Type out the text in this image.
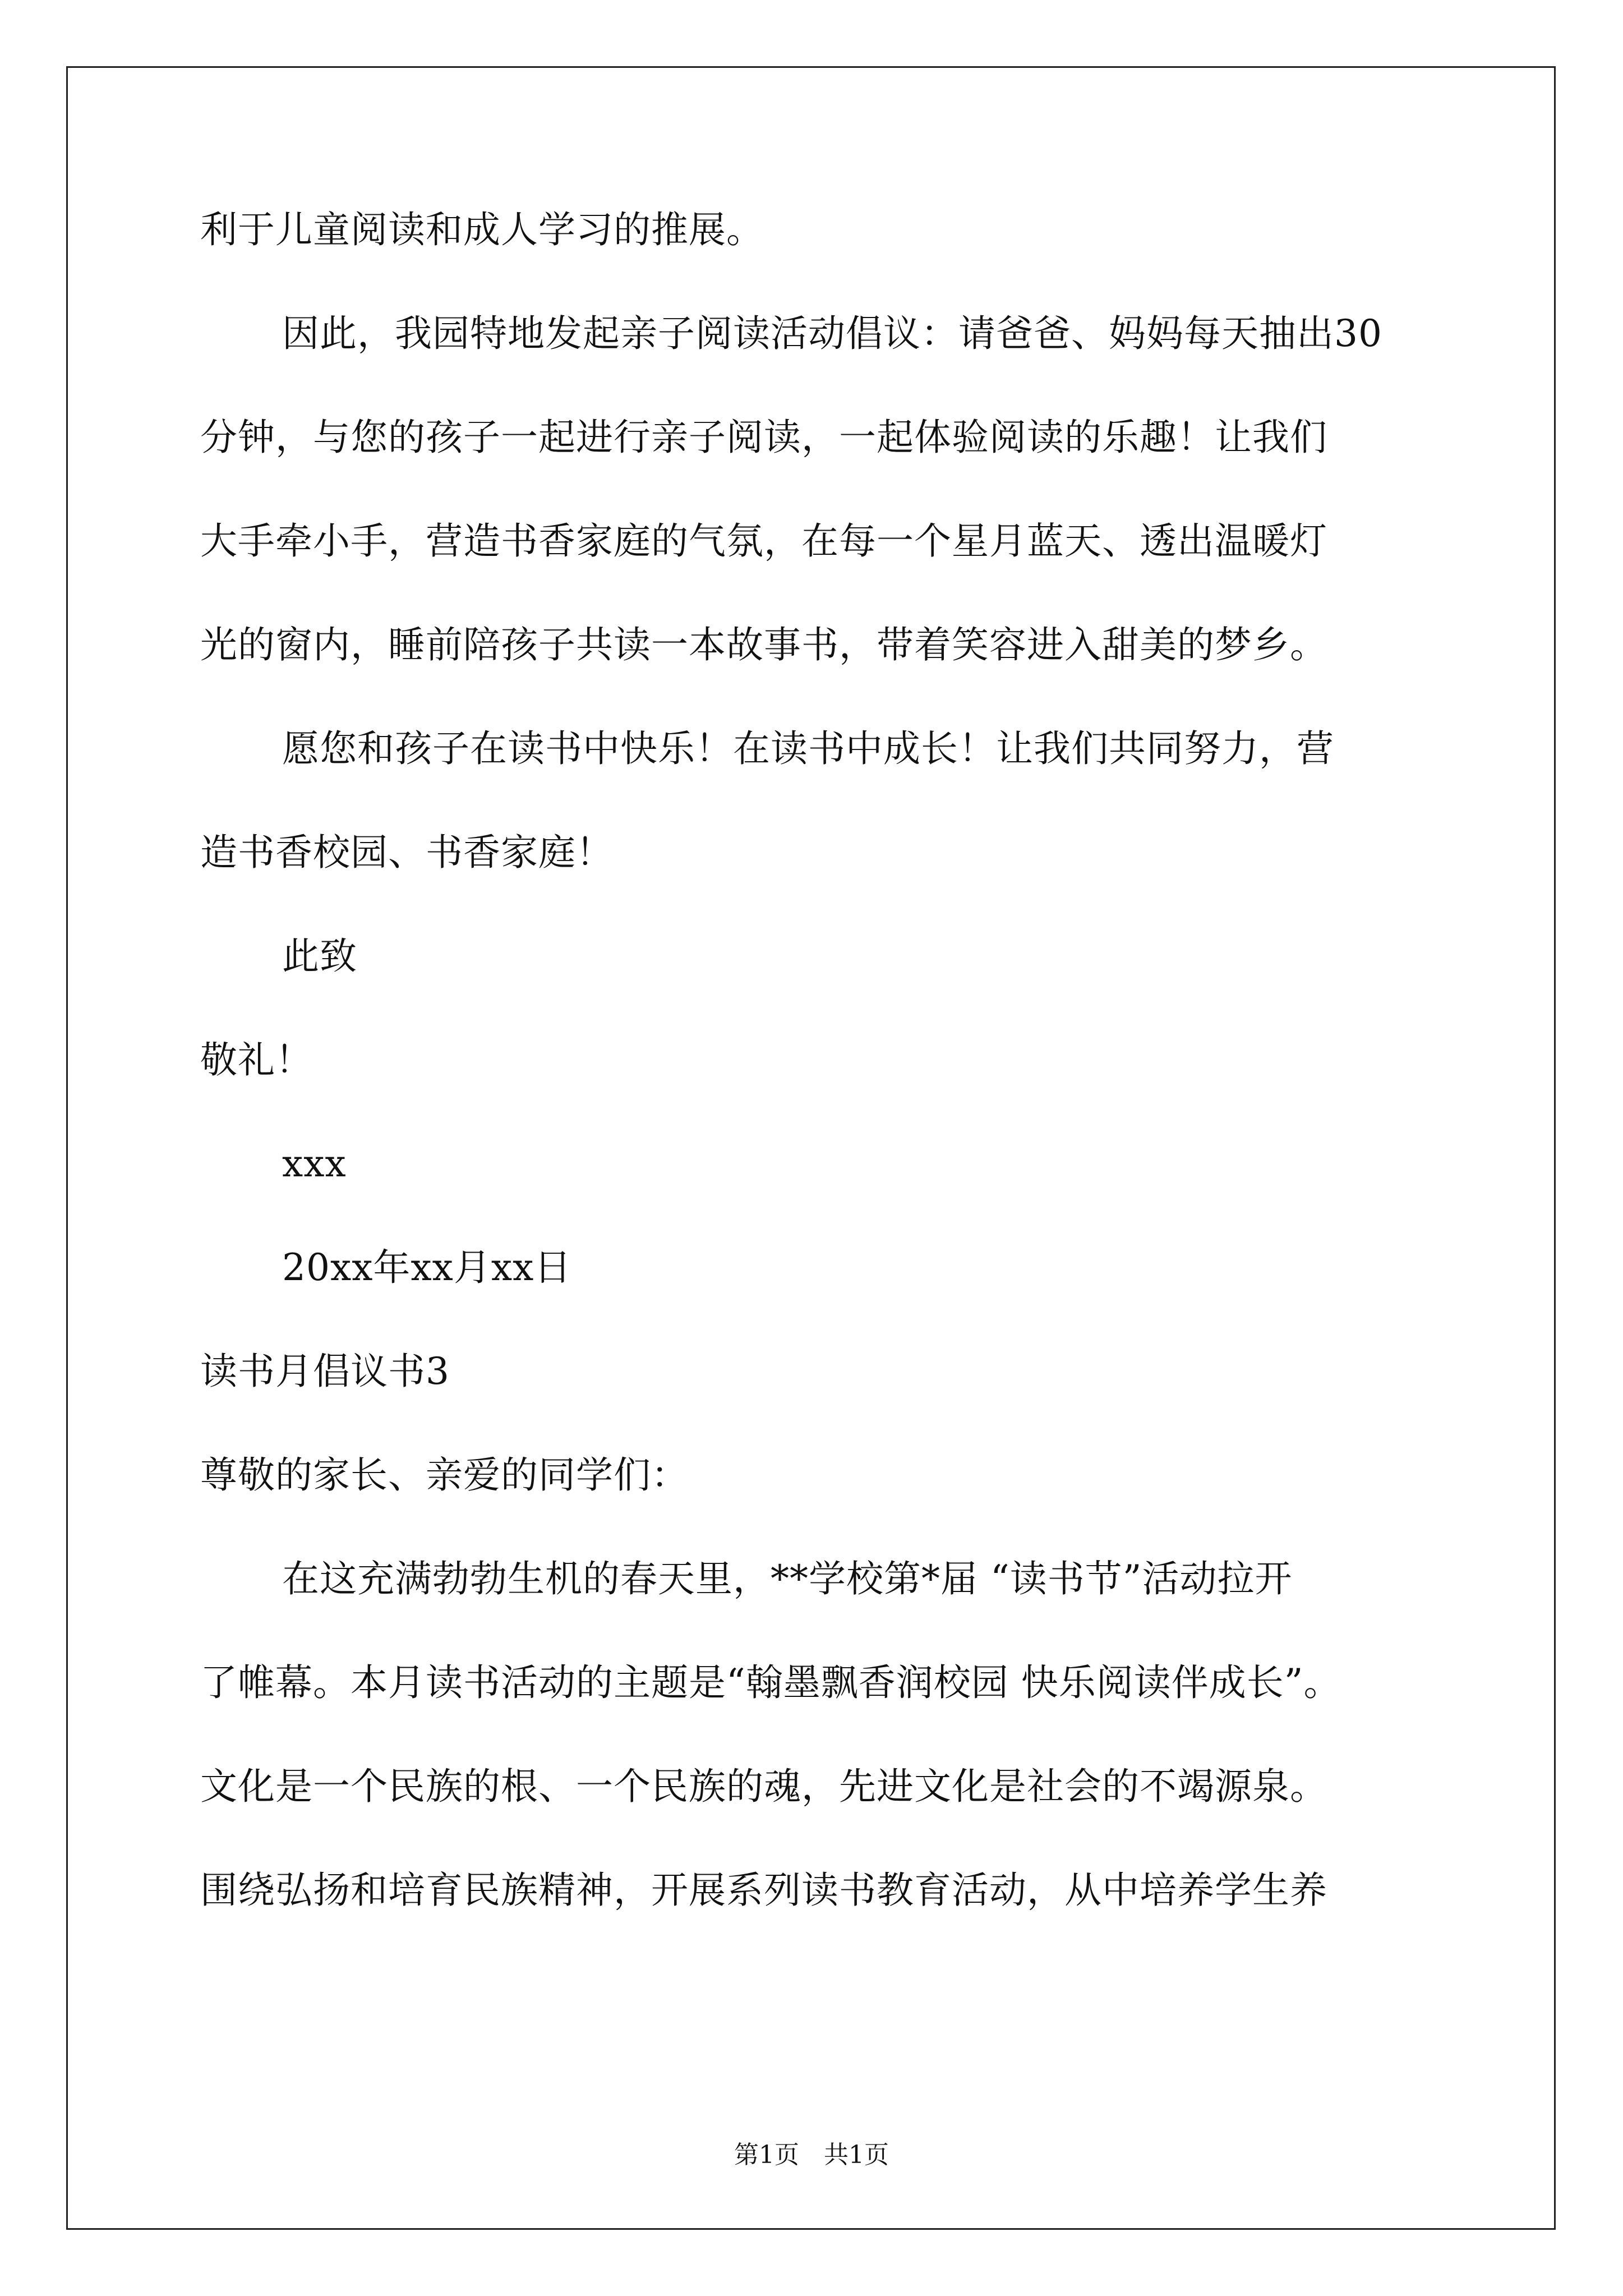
利于儿童阅读和成人学习的推展。
因此，我园特地发起亲子阅读活动倡议：请爸爸、妈妈每天抽出30
分钟，与您的孩子一起进行亲子阅读，一起体验阅读的乐趣！让我们
大手牵小手，营造书香家庭的气氛，在每一个星月蓝天、透出温暖灯
光的窗内，睡前陪孩子共读一本故事书，带着笑容进入甜美的梦乡。
愿您和孩子在读书中快乐！在读书中成长！让我们共同努力，营
造书香校园、书香家庭！
此致
敬礼！
xxx
20xx年xx月xx日
读书月倡议书3
尊敬的家长、亲爱的同学们：
在这充满勃勃生机的春天里，**学校第*届 “读书节”活动拉开
了帷幕。本月读书活动的主题是“翰墨飘香润校园 快乐阅读伴成长”。
文化是一个民族的根、一个民族的魂，先进文化是社会的不竭源泉。
围绕弘扬和培育民族精神，开展系列读书教育活动，从中培养学生养
第1页　共1页
